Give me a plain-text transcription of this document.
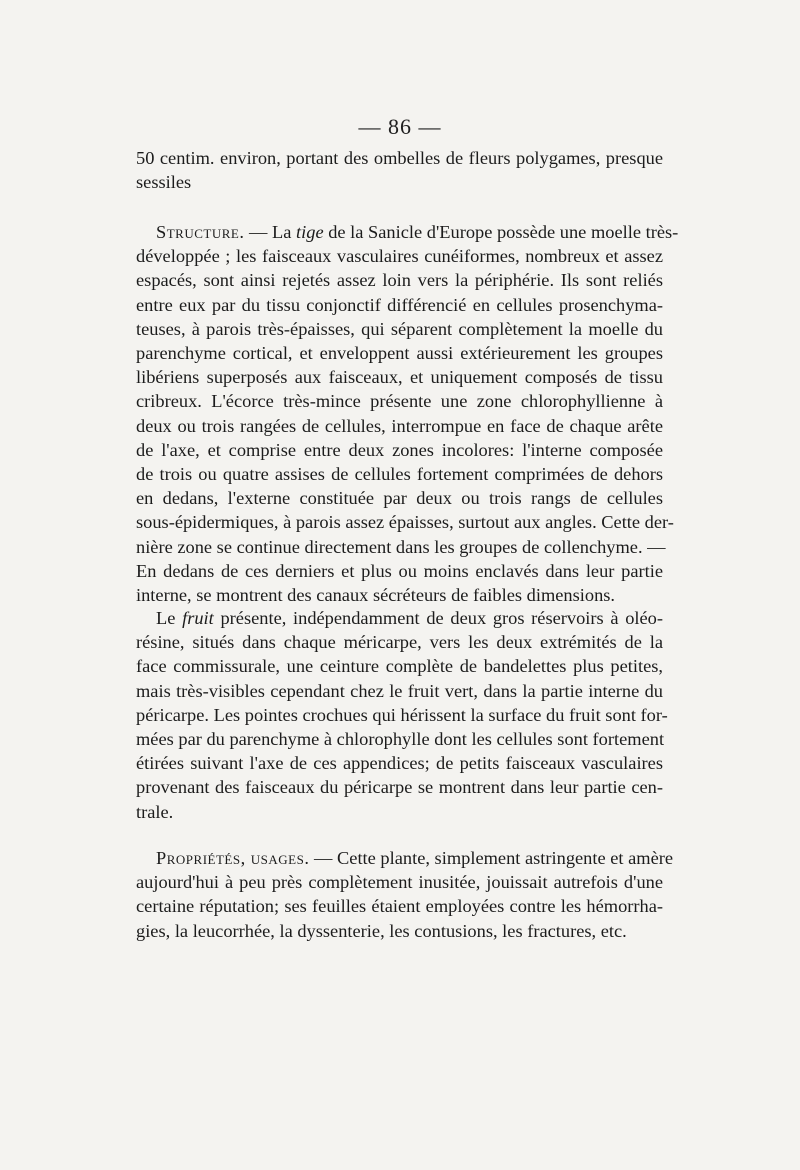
— 86 —
50 centim. environ, portant des ombelles de fleurs polygames, presque
sessiles
Structure. — La tige de la Sanicle d'Europe possède une moelle très-
développée ; les faisceaux vasculaires cunéiformes, nombreux et assez
espacés, sont ainsi rejetés assez loin vers la périphérie. Ils sont reliés
entre eux par du tissu conjonctif différencié en cellules prosenchyma-
teuses, à parois très-épaisses, qui séparent complètement la moelle du
parenchyme cortical, et enveloppent aussi extérieurement les groupes
libériens superposés aux faisceaux, et uniquement composés de tissu
cribreux. L'écorce très-mince présente une zone chlorophyllienne à
deux ou trois rangées de cellules, interrompue en face de chaque arête
de l'axe, et comprise entre deux zones incolores: l'interne composée
de trois ou quatre assises de cellules fortement comprimées de dehors
en dedans, l'externe constituée par deux ou trois rangs de cellules
sous-épidermiques, à parois assez épaisses, surtout aux angles. Cette der-
nière zone se continue directement dans les groupes de collenchyme. —
En dedans de ces derniers et plus ou moins enclavés dans leur partie
interne, se montrent des canaux sécréteurs de faibles dimensions.
Le fruit présente, indépendamment de deux gros réservoirs à oléo-
résine, situés dans chaque méricarpe, vers les deux extrémités de la
face commissurale, une ceinture complète de bandelettes plus petites,
mais très-visibles cependant chez le fruit vert, dans la partie interne du
péricarpe. Les pointes crochues qui hérissent la surface du fruit sont for-
mées par du parenchyme à chlorophylle dont les cellules sont fortement
étirées suivant l'axe de ces appendices; de petits faisceaux vasculaires
provenant des faisceaux du péricarpe se montrent dans leur partie cen-
trale.
Propriétés, usages. — Cette plante, simplement astringente et amère
aujourd'hui à peu près complètement inusitée, jouissait autrefois d'une
certaine réputation; ses feuilles étaient employées contre les hémorrha-
gies, la leucorrhée, la dyssenterie, les contusions, les fractures, etc.
